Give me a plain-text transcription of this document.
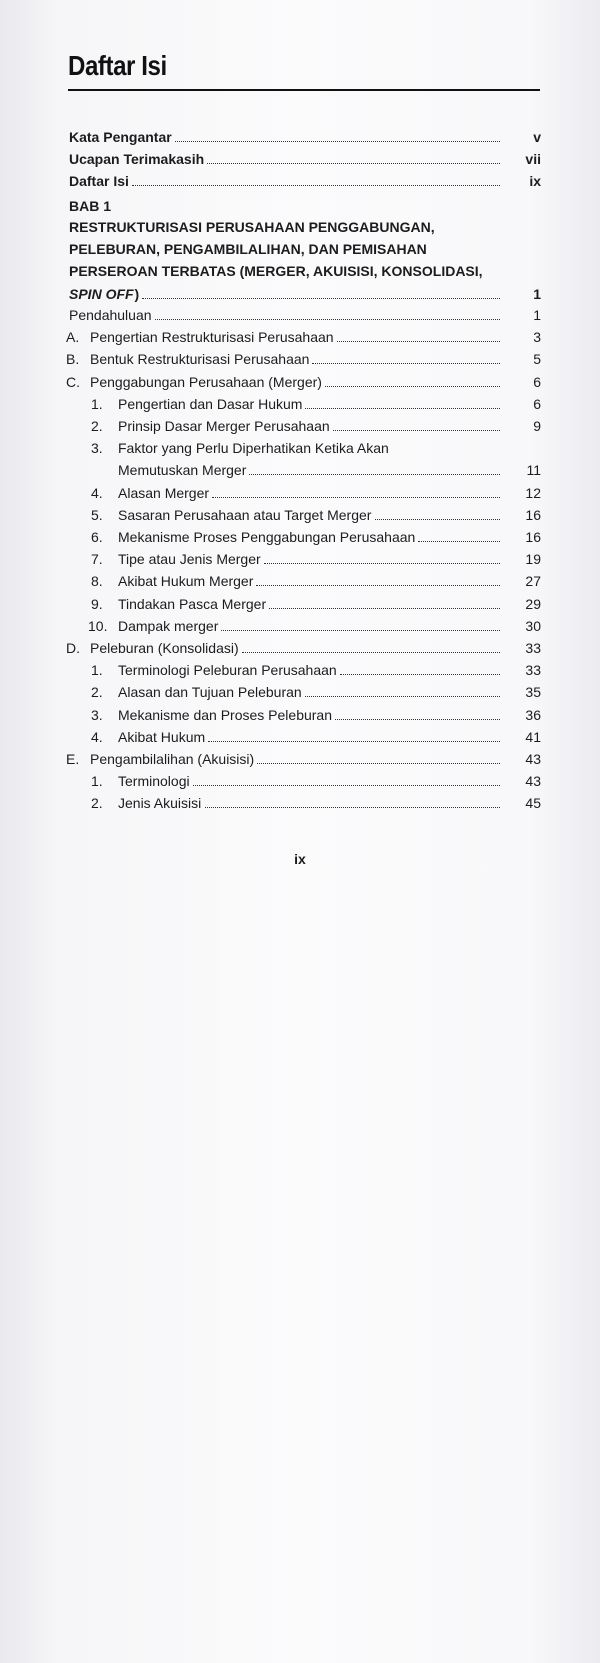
Daftar Isi
Kata Pengantar	v
Ucapan Terimakasih	vii
Daftar Isi	ix
BAB 1
RESTRUKTURISASI PERUSAHAAN PENGGABUNGAN,
PELEBURAN, PENGAMBILALIHAN, DAN PEMISAHAN
PERSEROAN TERBATAS (MERGER, AKUISISI, KONSOLIDASI,
SPIN OFF )	1
Pendahuluan	1
A. Pengertian Restrukturisasi Perusahaan	3
B. Bentuk Restrukturisasi Perusahaan	5
C. Penggabungan Perusahaan (Merger)	6
1. Pengertian dan Dasar Hukum	6
2. Prinsip Dasar Merger Perusahaan	9
3. Faktor yang Perlu Diperhatikan Ketika Akan
Memutuskan Merger	11
4. Alasan Merger	12
5. Sasaran Perusahaan atau Target Merger	16
6. Mekanisme Proses Penggabungan Perusahaan	16
7. Tipe atau Jenis Merger	19
8. Akibat Hukum Merger	27
9. Tindakan Pasca Merger	29
10. Dampak merger	30
D. Peleburan (Konsolidasi)	33
1. Terminologi Peleburan Perusahaan	33
2. Alasan dan Tujuan Peleburan	35
3. Mekanisme dan Proses Peleburan	36
4. Akibat Hukum	41
E. Pengambilalihan (Akuisisi)	43
1. Terminologi	43
2. Jenis Akuisisi	45
ix
